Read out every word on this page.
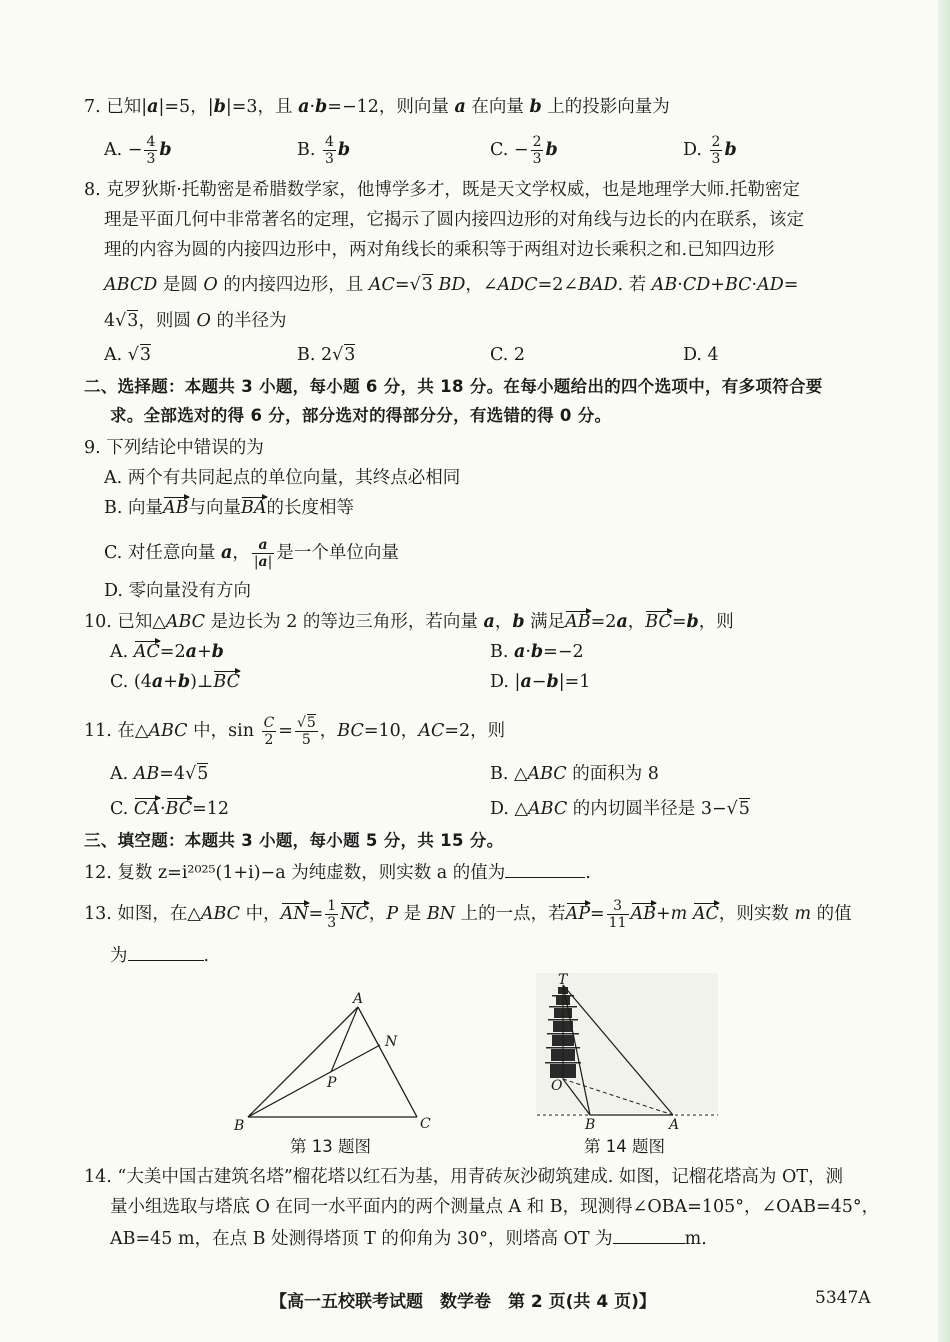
7. 已知|a|=5，|b|=3，且 a·b=−12，则向量 a 在向量 b 上的投影向量为
A. − $\frac{4}{3}$ b	B. $\frac{4}{3}$ b	C. − $\frac{2}{3}$ b	D. $\frac{2}{3}$ b
8. 克罗狄斯·托勒密是希腊数学家，他博学多才，既是天文学权威，也是地理学大师.托勒密定
理是平面几何中非常著名的定理，它揭示了圆内接四边形的对角线与边长的内在联系，该定
理的内容为圆的内接四边形中，两对角线长的乘积等于两组对边长乘积之和.已知四边形
ABCD 是圆 O 的内接四边形，且 AC=√3 BD，∠ADC=2∠BAD. 若 AB·CD+BC·AD=
4√3，则圆 O 的半径为
A. √3	B. 2√3	C. 2	D. 4
二、选择题：本题共 3 小题，每小题 6 分，共 18 分。在每小题给出的四个选项中，有多项符合要
求。全部选对的得 6 分，部分选对的得部分分，有选错的得 0 分。
9. 下列结论中错误的为
A. 两个有共同起点的单位向量，其终点必相同
B. 向量AB与向量BA的长度相等
C. 对任意向量 a， $\frac{a}{|a|}$ 是一个单位向量
D. 零向量没有方向
10. 已知△ABC 是边长为 2 的等边三角形，若向量 a，b 满足AB=2a，BC=b，则
A. AC=2a+b	B. a·b=−2
C. (4a+b)⊥BC	D. |a−b|=1
11. 在△ABC 中，$\sin \frac{C}{2} = \frac{√5}{5}$ ，BC=10，AC=2，则
A. AB=4√5	B. △ABC 的面积为 8
C. CA·BC=12	D. △ABC 的内切圆半径是 3−√5
三、填空题：本题共 3 小题，每小题 5 分，共 15 分。
12. 复数 z=i²⁰²⁵(1+i)−a 为纯虚数，则实数 a 的值为	.
13. 如图，在△ABC 中，$AN= \frac{1}{3}$ NC，P 是 BN 上的一点，若$AP= \frac{3}{11} AB+m$ AC，则实数 m 的值
为	.
A
N
P
B	C
第 13 题图
T
O
B	A
第 14 题图
14. “大美中国古建筑名塔”榴花塔以红石为基，用青砖灰沙砌筑建成. 如图，记榴花塔高为 OT，测
量小组选取与塔底 O 在同一水平面内的两个测量点 A 和 B，现测得∠OBA=105°，∠OAB=45°，
AB=45 m，在点 B 处测得塔顶 T 的仰角为 30°，则塔高 OT 为	m.
【高一五校联考试题　数学卷　第 2 页(共 4 页)】	5347A
